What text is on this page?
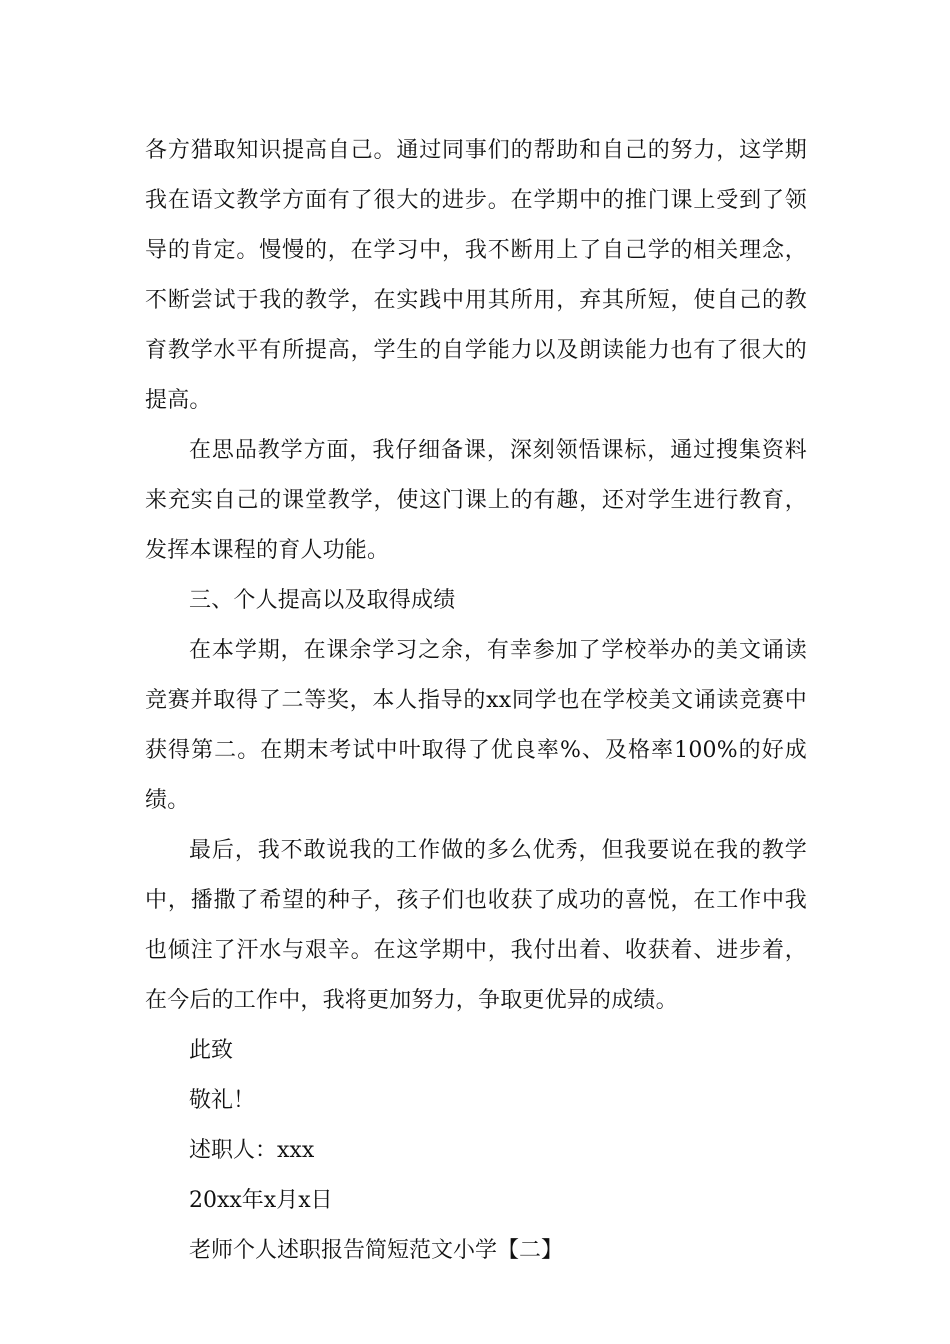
各方猎取知识提高自己。通过同事们的帮助和自己的努力，这学期我在语文教学方面有了很大的进步。在学期中的推门课上受到了领导的肯定。慢慢的，在学习中，我不断用上了自己学的相关理念，不断尝试于我的教学，在实践中用其所用，弃其所短，使自己的教育教学水平有所提高，学生的自学能力以及朗读能力也有了很大的提高。

在思品教学方面，我仔细备课，深刻领悟课标，通过搜集资料来充实自己的课堂教学，使这门课上的有趣，还对学生进行教育，发挥本课程的育人功能。

三、个人提高以及取得成绩

在本学期，在课余学习之余，有幸参加了学校举办的美文诵读竞赛并取得了二等奖，本人指导的xx同学也在学校美文诵读竞赛中获得第二。在期末考试中叶取得了优良率%、及格率100%的好成绩。

最后，我不敢说我的工作做的多么优秀，但我要说在我的教学中，播撒了希望的种子，孩子们也收获了成功的喜悦，在工作中我也倾注了汗水与艰辛。在这学期中，我付出着、收获着、进步着，在今后的工作中，我将更加努力，争取更优异的成绩。

此致

敬礼！

述职人：xxx

20xx年x月x日

老师个人述职报告简短范文小学【二】
